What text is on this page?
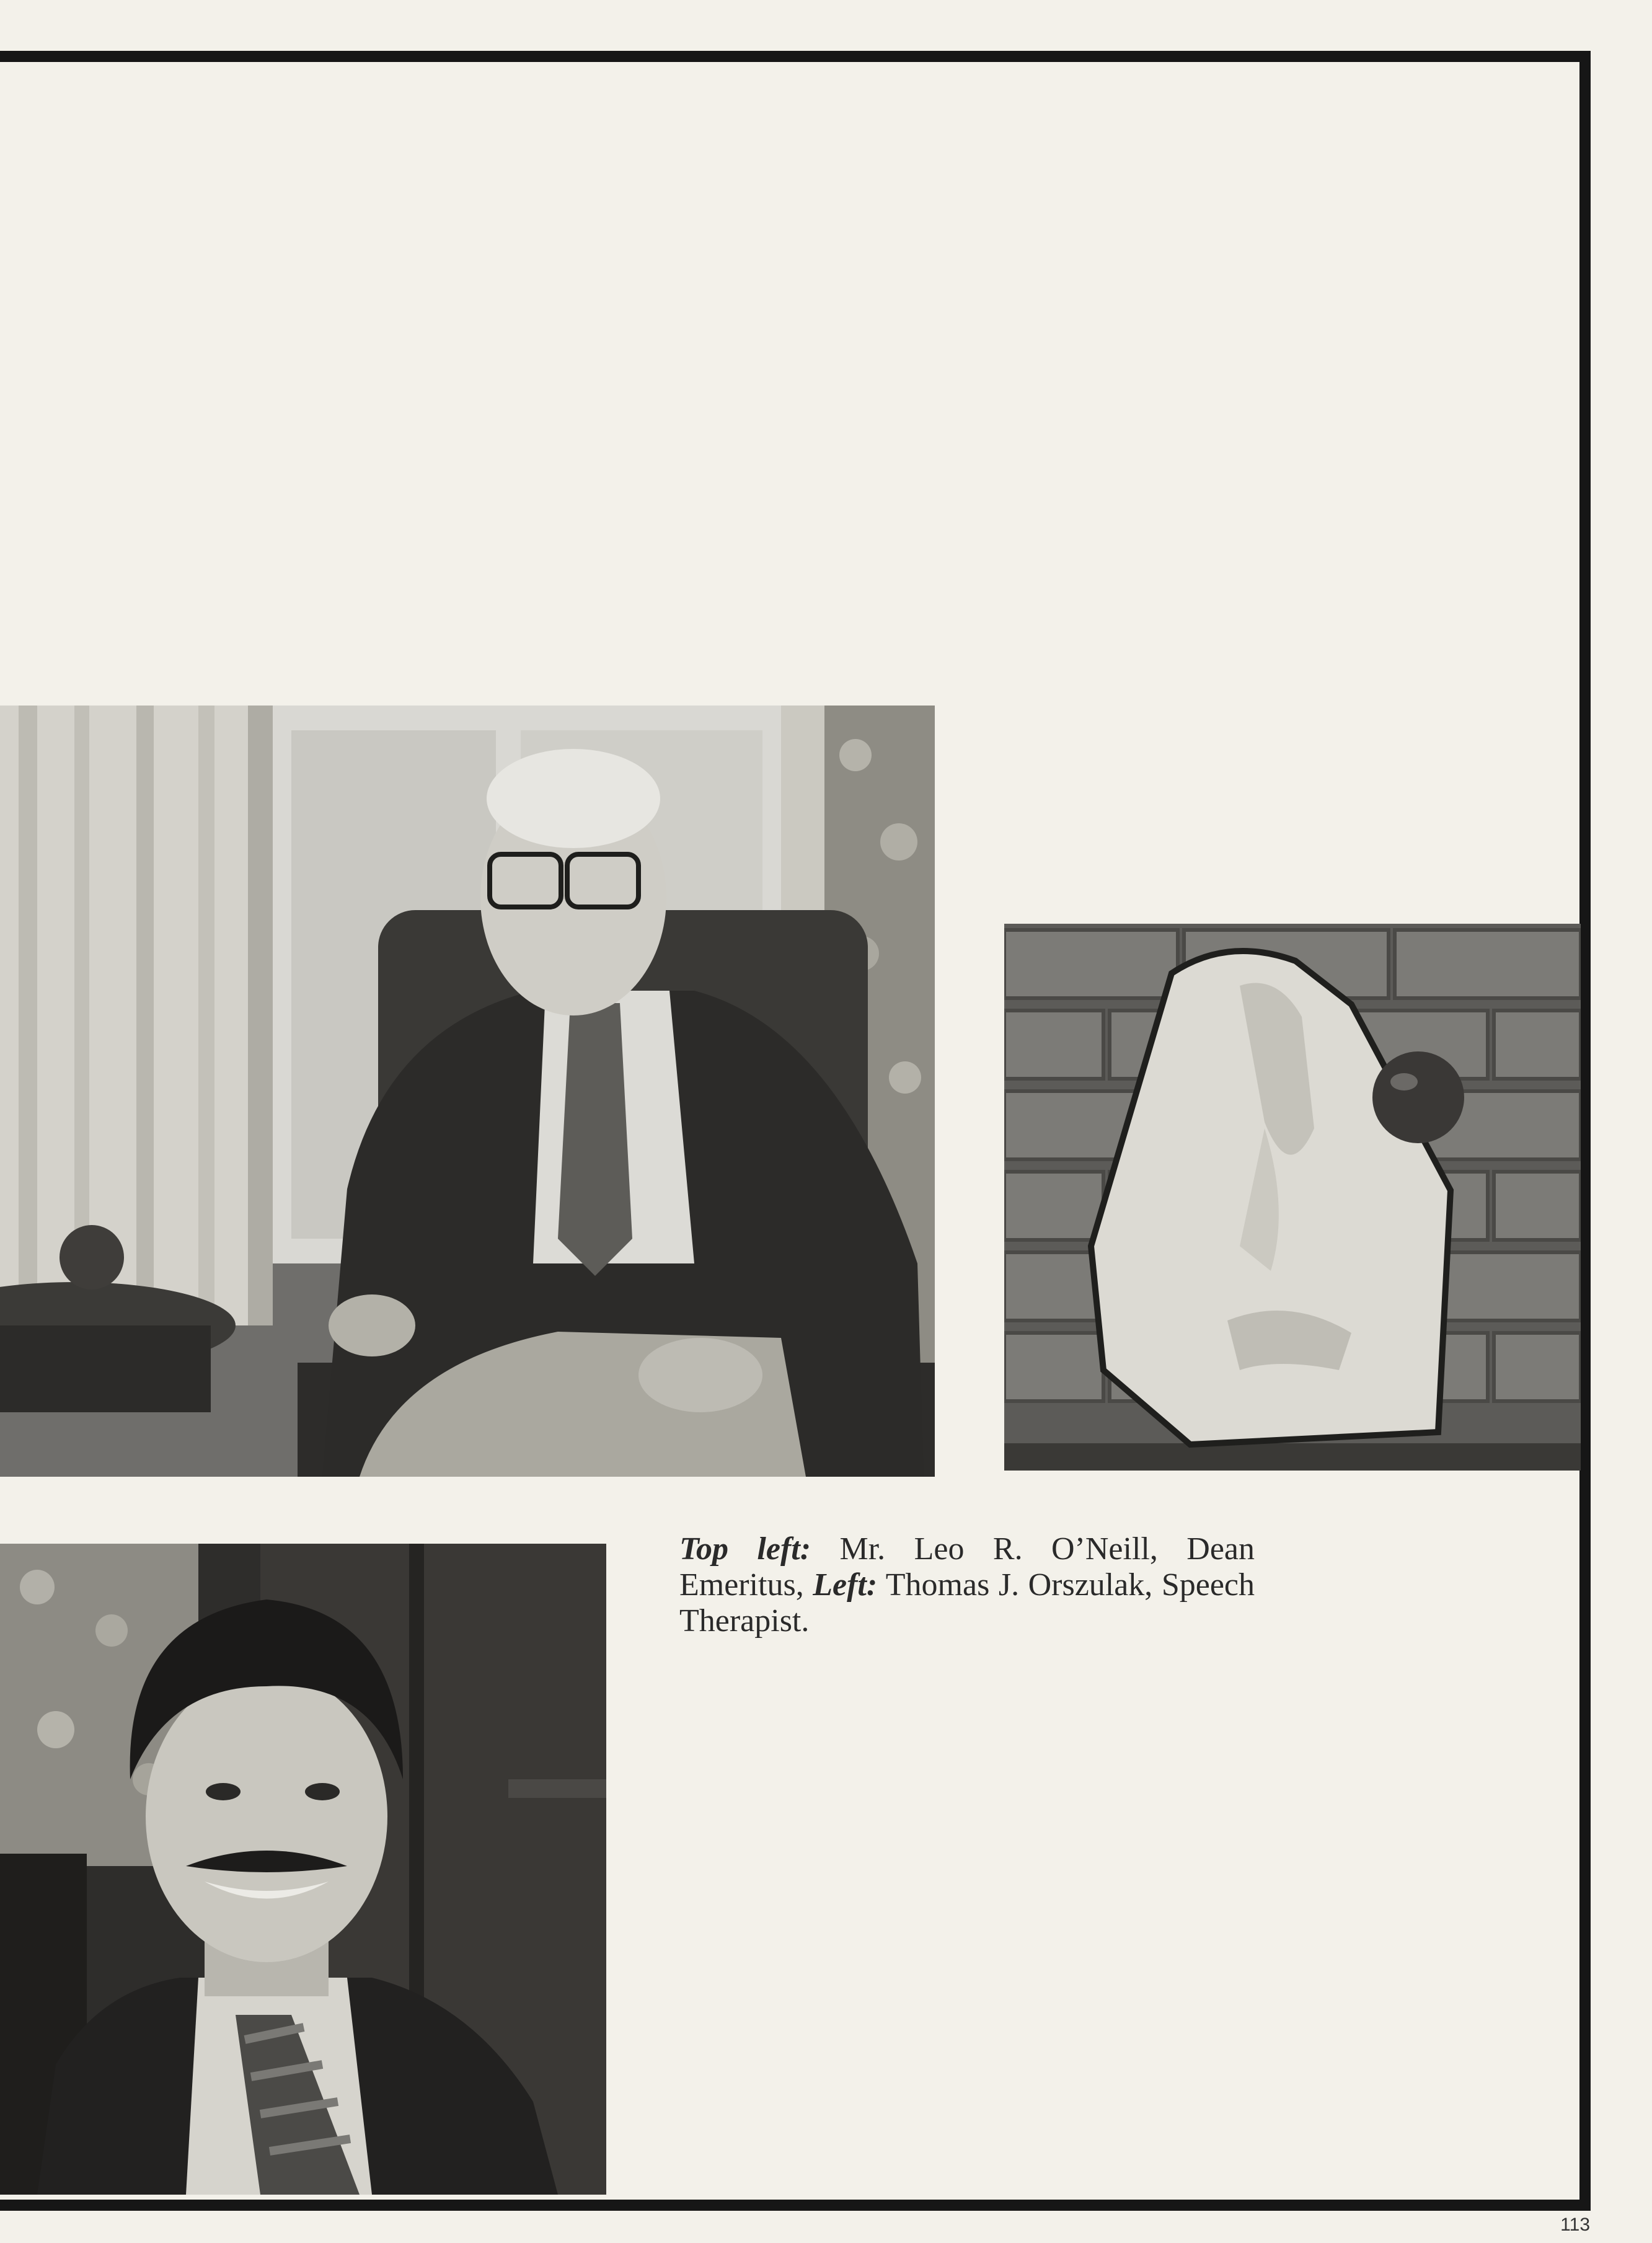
Top left: Mr. Leo R. O’Neill, Dean Emeritus, Left: Thomas J. Orszulak, Speech Therapist.

113
